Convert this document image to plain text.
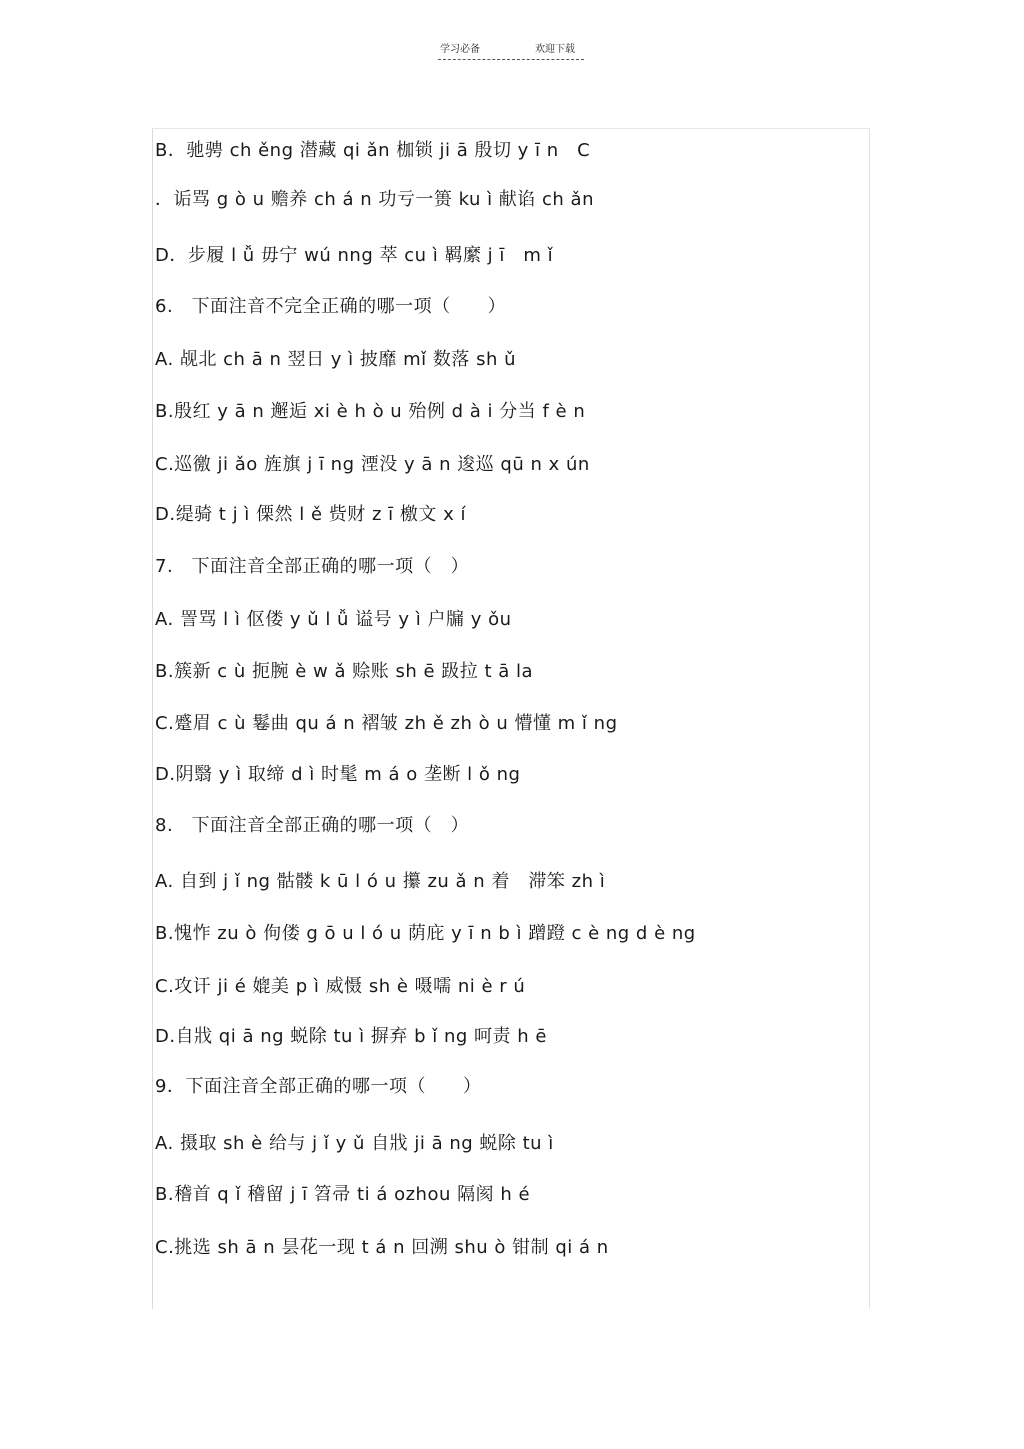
学习必备	欢迎下载
B．驰骋 ch ěng 潜藏 qi ǎn 枷锁 ji ā 殷切 y ī n　C
．诟骂 g ò u 赡养 ch á n 功亏一篑 ku ì 献谄 ch ǎn
D．步履 l ǚ 毋宁 wú nng 萃 cu ì 羁縻 j ī　m ǐ
6.　下面注音不完全正确的哪一项（　　）
A. 觇北 ch ā n 翌日 y ì 披靡 mǐ 数落 sh ǔ
B.殷红 y ā n 邂逅 xi è h ò u 殆例 d à i 分当 f è n
C.巡徼 ji ǎo 旌旗 j ī ng 湮没 y ā n 逡巡 qū n x ún
D.缇骑 t j ì 傈然 l ě 赀财 z ī 檄文 x í
7.　下面注音全部正确的哪一项（　）
A. 詈骂 l ì 伛偻 y ǔ l ǚ 谥号 y ì 户牖 y ǒu
B.簇新 c ù 扼腕 è w ǎ 赊账 sh ē 趿拉 t ā la
C.蹙眉 c ù 鬈曲 qu á n 褶皱 zh ě zh ò u 懵懂 m ǐ ng
D.阴翳 y ì 取缔 d ì 时髦 m á o 垄断 l ǒ ng
8.　下面注音全部正确的哪一项（　）
A. 自到 j ǐ ng 骷髅 k ū l ó u 攥 zu ǎ n 着　滞笨 zh ì
B.愧怍 zu ò 佝偻 g ō u l ó u 荫庇 y ī n b ì 蹭蹬 c è ng d è ng
C.攻讦 ji é 媲美 p ì 威慑 sh è 嗫嚅 ni è r ú
D.自戕 qi ā ng 蜕除 tu ì 摒弃 b ǐ ng 呵责 h ē
9．下面注音全部正确的哪一项（　　）
A. 摄取 sh è 给与 j ǐ y ǔ 自戕 ji ā ng 蜕除 tu ì
B.稽首 q ǐ 稽留 j ī 笤帚 ti á ozhou 隔阂 h é
C.挑选 sh ā n 昙花一现 t á n 回溯 shu ò 钳制 qi á n
